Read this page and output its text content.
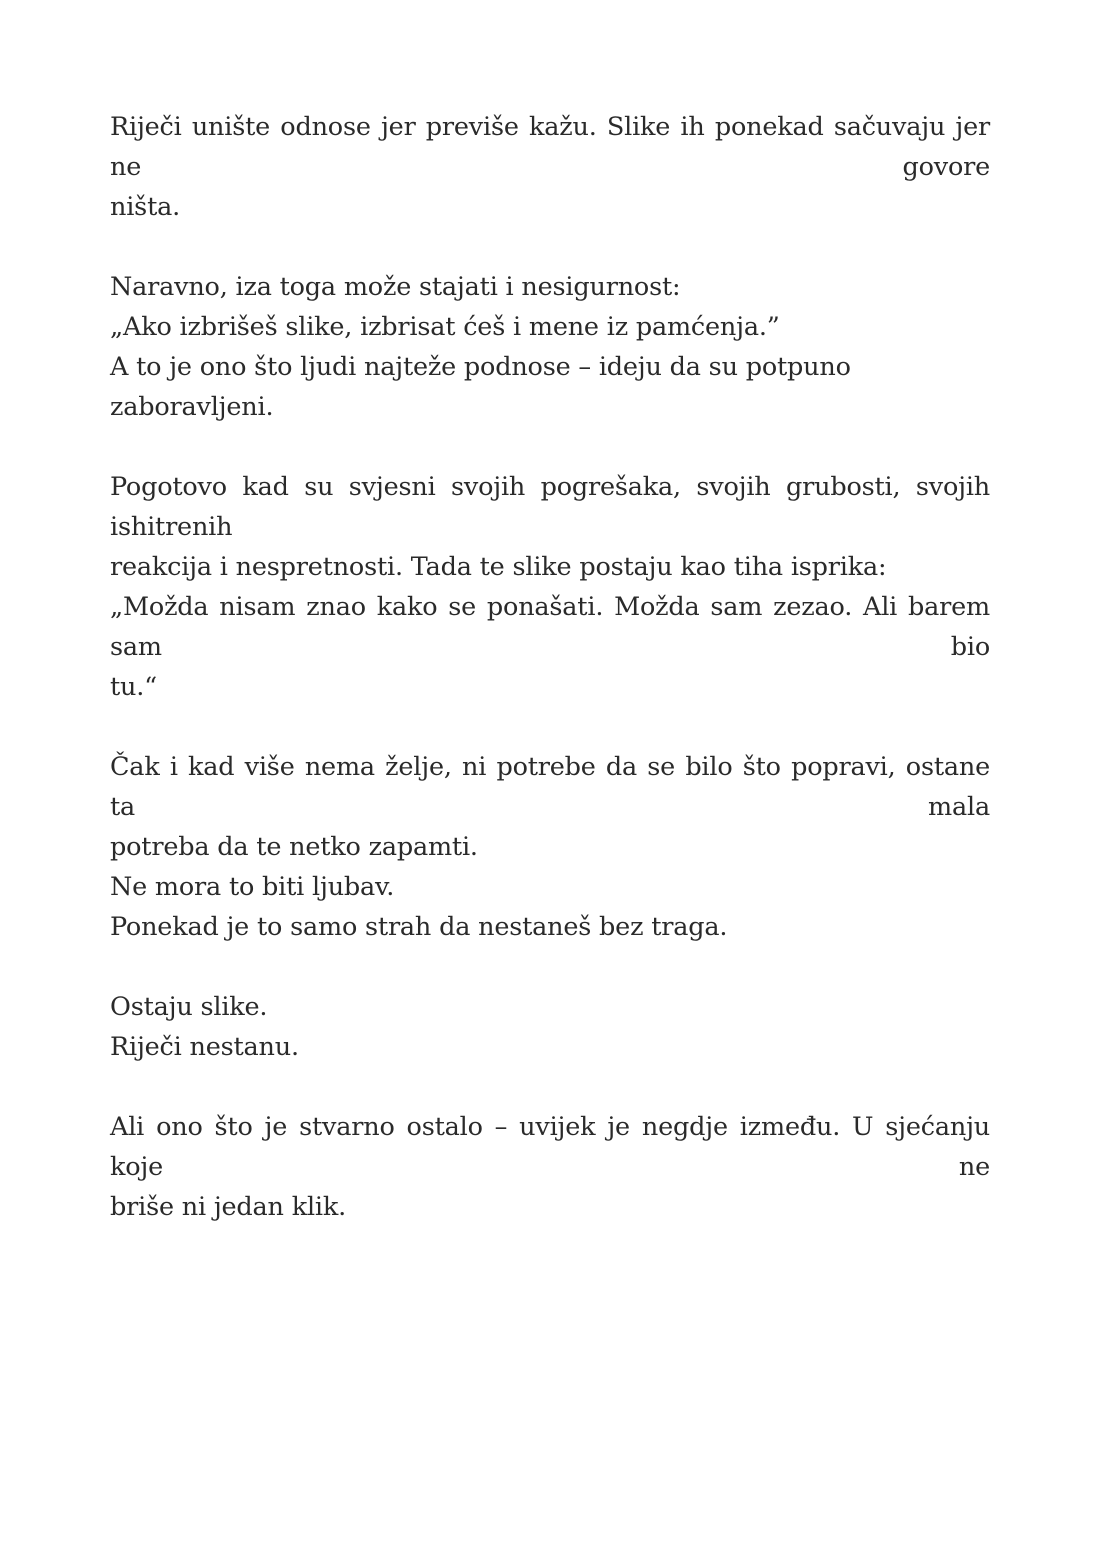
Riječi unište odnose jer previše kažu. Slike ih ponekad sačuvaju jer ne govore
ništa.
Naravno, iza toga može stajati i nesigurnost:
„Ako izbrišeš slike, izbrisat ćeš i mene iz pamćenja.”
A to je ono što ljudi najteže podnose – ideju da su potpuno zaboravljeni.
Pogotovo kad su svjesni svojih pogrešaka, svojih grubosti, svojih ishitrenih
reakcija i nespretnosti. Tada te slike postaju kao tiha isprika:
„Možda nisam znao kako se ponašati. Možda sam zezao. Ali barem sam bio
tu.“
Čak i kad više nema želje, ni potrebe da se bilo što popravi, ostane ta mala
potreba da te netko zapamti.
Ne mora to biti ljubav.
Ponekad je to samo strah da nestaneš bez traga.
Ostaju slike.
Riječi nestanu.
Ali ono što je stvarno ostalo – uvijek je negdje između. U sjećanju koje ne
briše ni jedan klik.
